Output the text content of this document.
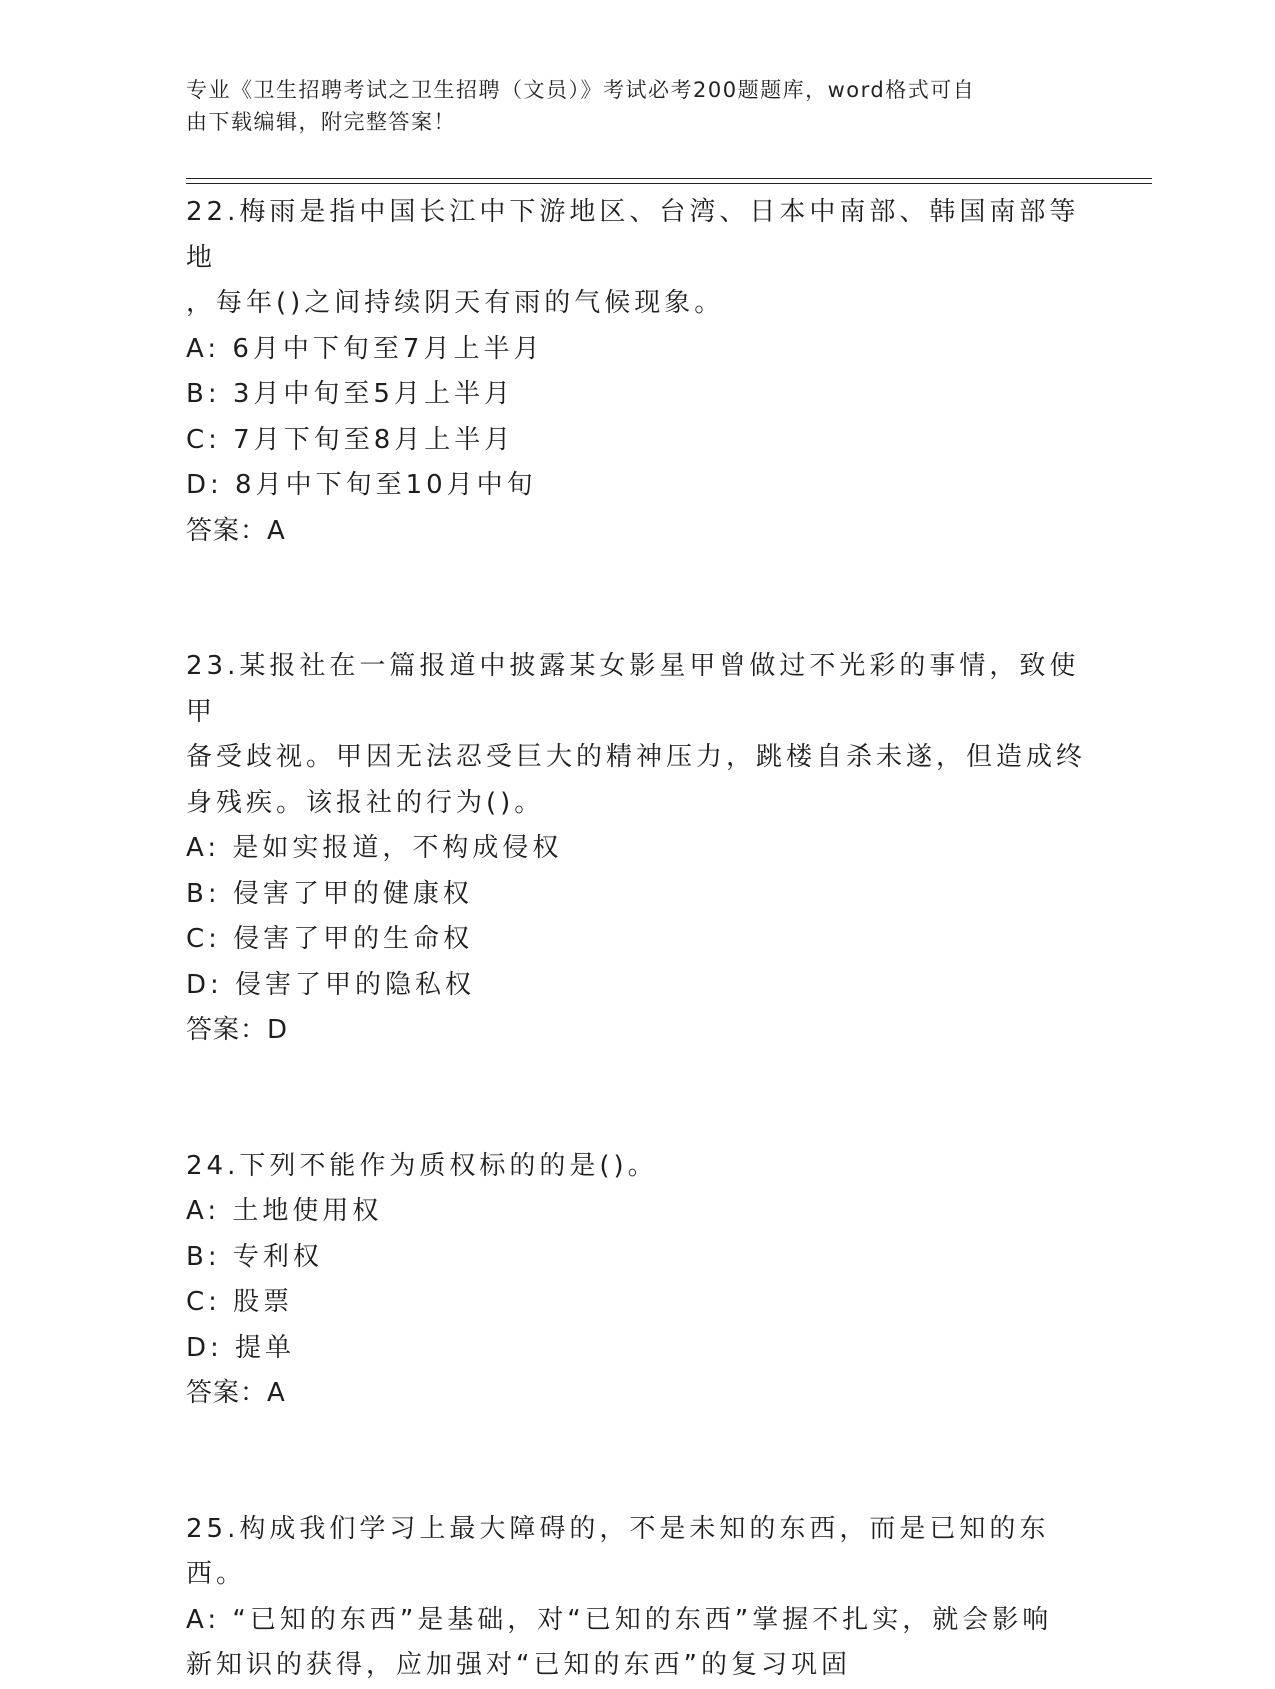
专业《卫生招聘考试之卫生招聘（文员）》考试必考200题题库，word格式可自
由下载编辑，附完整答案！

22.梅雨是指中国长江中下游地区、台湾、日本中南部、韩国南部等地
，每年()之间持续阴天有雨的气候现象。

A: 6月中下旬至7月上半月

B: 3月中旬至5月上半月

C: 7月下旬至8月上半月

D: 8月中下旬至10月中旬

答案：A

23.某报社在一篇报道中披露某女影星甲曾做过不光彩的事情，致使甲
备受歧视。甲因无法忍受巨大的精神压力，跳楼自杀未遂，但造成终
身残疾。该报社的行为()。

A: 是如实报道，不构成侵权

B: 侵害了甲的健康权

C: 侵害了甲的生命权

D: 侵害了甲的隐私权

答案：D

24.下列不能作为质权标的的是()。

A: 土地使用权

B: 专利权

C: 股票

D: 提单

答案：A

25.构成我们学习上最大障碍的，不是未知的东西，而是已知的东西。

A: “已知的东西”是基础，对“已知的东西”掌握不扎实，就会影响

新知识的获得，应加强对“已知的东西”的复习巩固
